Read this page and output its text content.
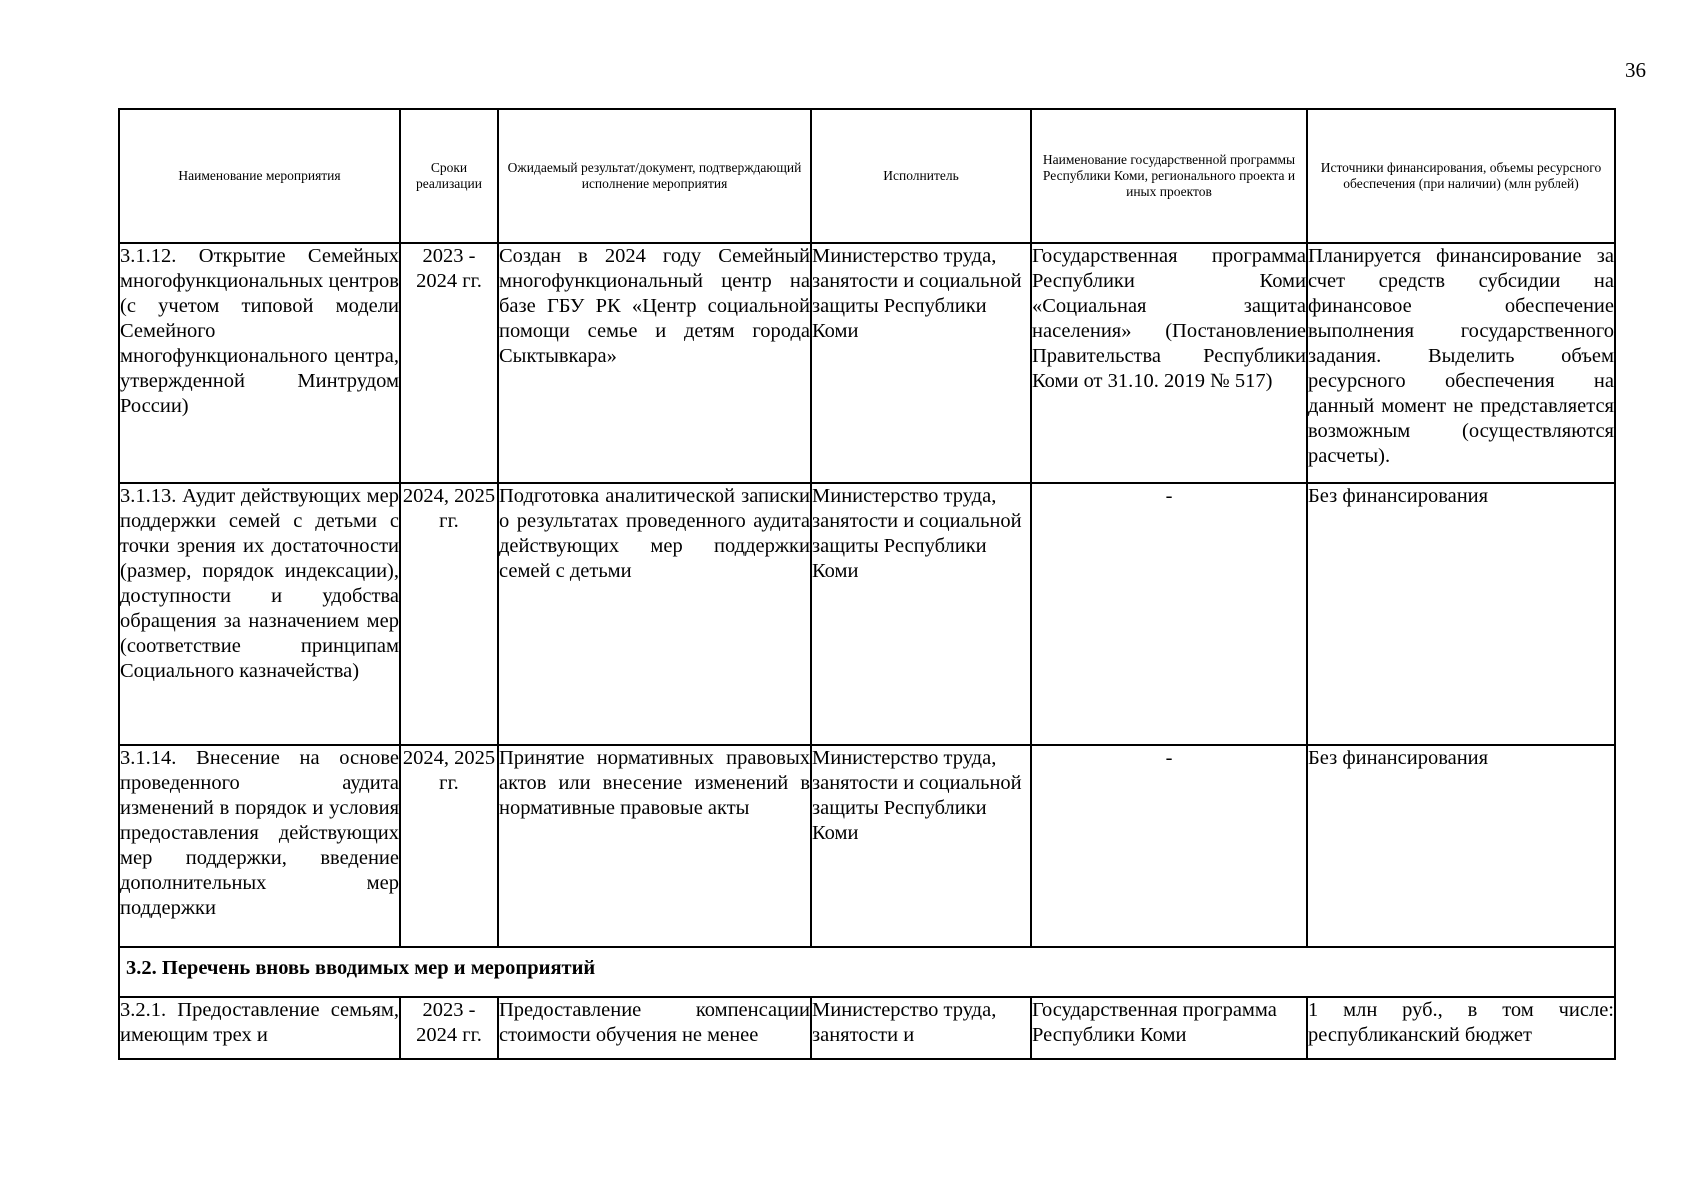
36
Наименование мероприятия	Сроки реализации	Ожидаемый результат/документ, подтверждающий исполнение мероприятия	Исполнитель	Наименование государственной программы Республики Коми, регионального проекта и иных проектов	Источники финансирования, объемы ресурсного обеспечения (при наличии) (млн рублей)
3.1.12. Открытие Семейных многофункциональных центров (с учетом типовой модели Семейного многофункционального центра, утвержденной Минтрудом России)	2023 - 2024 гг.	Создан в 2024 году Семейный многофункциональный центр на базе ГБУ РК «Центр социальной помощи семье и детям города Сыктывкара»	Министерство труда, занятости и социальной защиты Республики Коми	Государственная программа Республики Коми «Социальная защита населения» (Постановление Правительства Республики Коми от 31.10. 2019 № 517)	Планируется финансирование за счет средств субсидии на финансовое обеспечение выполнения государственного задания. Выделить объем ресурсного обеспечения на данный момент не представляется возможным (осуществляются расчеты).
3.1.13. Аудит действующих мер поддержки семей с детьми с точки зрения их достаточности (размер, порядок индексации), доступности и удобства обращения за назначением мер (соответствие принципам Социального казначейства)	2024, 2025 гг.	Подготовка аналитической записки о результатах проведенного аудита действующих мер поддержки семей с детьми	Министерство труда, занятости и социальной защиты Республики Коми	-	Без финансирования
3.1.14. Внесение на основе проведенного аудита изменений в порядок и условия предоставления действующих мер поддержки, введение дополнительных мер поддержки	2024, 2025 гг.	Принятие нормативных правовых актов или внесение изменений в нормативные правовые акты	Министерство труда, занятости и социальной защиты Республики Коми	-	Без финансирования
3.2. Перечень вновь вводимых мер и мероприятий					
3.2.1. Предоставление семьям, имеющим трех и	2023 - 2024 гг.	Предоставление компенсации стоимости обучения не менее	Министерство труда, занятости и	Государственная программа Республики Коми	1 млн руб., в том числе: республиканский бюджет
